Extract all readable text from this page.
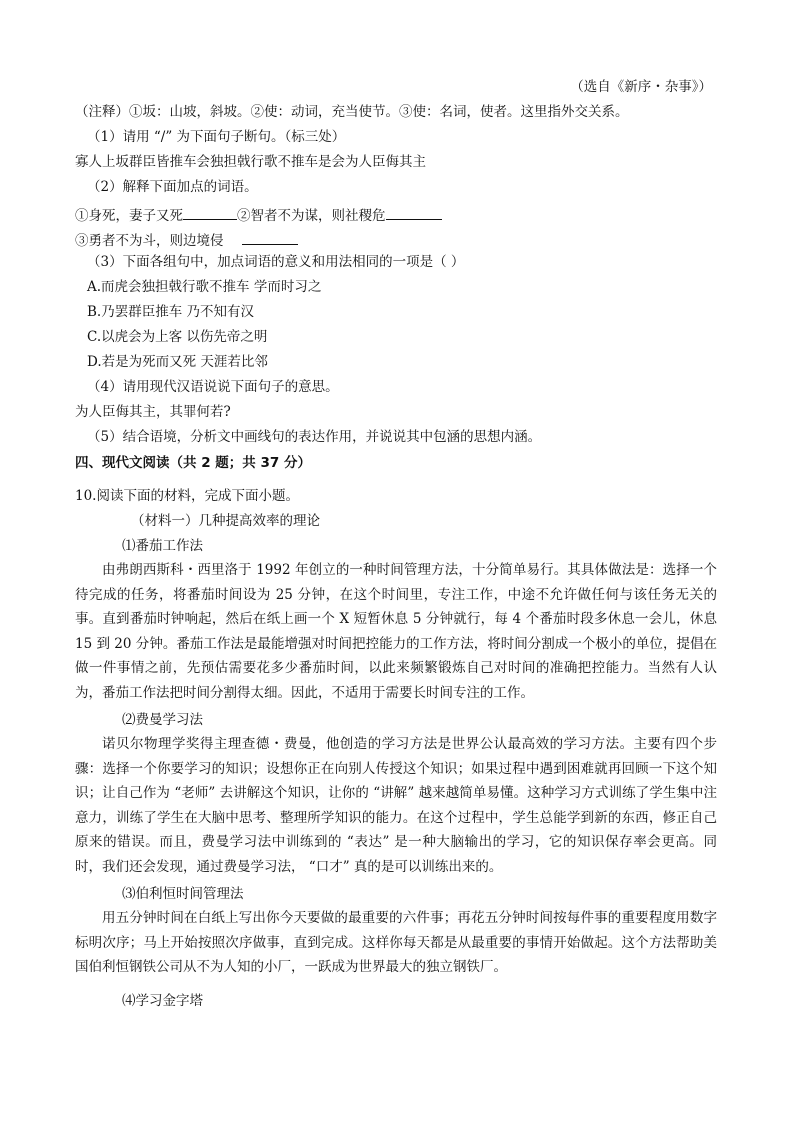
（选自《新序・杂事》）
（注释）①坂：山坡，斜坡。②使：动词，充当使节。③使：名词，使者。这里指外交关系。
（1）请用 “/” 为下面句子断句。（标三处）
寡人上坂群臣皆推车会独担戟行歌不推车是会为人臣侮其主
（2）解释下面加点的词语。
①身死，妻子又死	②智者不为谋，则社稷危
③勇者不为斗，则边境侵
（3）下面各组句中，加点词语的意义和用法相同的一项是（ ）
A.而虎会独担戟行歌不推车 学而时习之
B.乃罢群臣推车 乃不知有汉
C.以虎会为上客 以伤先帝之明
D.若是为死而又死 天涯若比邻
（4）请用现代汉语说说下面句子的意思。
为人臣侮其主，其罪何若?
（5）结合语境，分析文中画线句的表达作用，并说说其中包涵的思想内涵。
四、现代文阅读（共 2 题；共 37 分）
10.阅读下面的材料，完成下面小题。
（材料一）几种提高效率的理论
⑴番茄工作法
由弗朗西斯科・西里洛于 1992 年创立的一种时间管理方法，十分简单易行。其具体做法是：选择一个待完成的任务，将番茄时间设为 25 分钟，在这个时间里，专注工作，中途不允许做任何与该任务无关的事。直到番茄时钟响起，然后在纸上画一个 X 短暂休息 5 分钟就行，每 4 个番茄时段多休息一会儿，休息 15 到 20 分钟。番茄工作法是最能增强对时间把控能力的工作方法，将时间分割成一个极小的单位，提倡在做一件事情之前，先预估需要花多少番茄时间，以此来频繁锻炼自己对时间的准确把控能力。当然有人认为，番茄工作法把时间分割得太细。因此，不适用于需要长时间专注的工作。
⑵费曼学习法
诺贝尔物理学奖得主理查德・费曼，他创造的学习方法是世界公认最高效的学习方法。主要有四个步骤：选择一个你要学习的知识；设想你正在向别人传授这个知识；如果过程中遇到困难就再回顾一下这个知识；让自己作为 “老师” 去讲解这个知识，让你的 “讲解” 越来越简单易懂。这种学习方式训练了学生集中注意力，训练了学生在大脑中思考、整理所学知识的能力。在这个过程中，学生总能学到新的东西，修正自己原来的错误。而且，费曼学习法中训练到的 “表达” 是一种大脑输出的学习，它的知识保存率会更高。同时，我们还会发现，通过费曼学习法， “口才” 真的是可以训练出来的。
⑶伯利恒时间管理法
用五分钟时间在白纸上写出你今天要做的最重要的六件事；再花五分钟时间按每件事的重要程度用数字标明次序；马上开始按照次序做事，直到完成。这样你每天都是从最重要的事情开始做起。这个方法帮助美国伯利恒钢铁公司从不为人知的小厂，一跃成为世界最大的独立钢铁厂。
⑷学习金字塔
